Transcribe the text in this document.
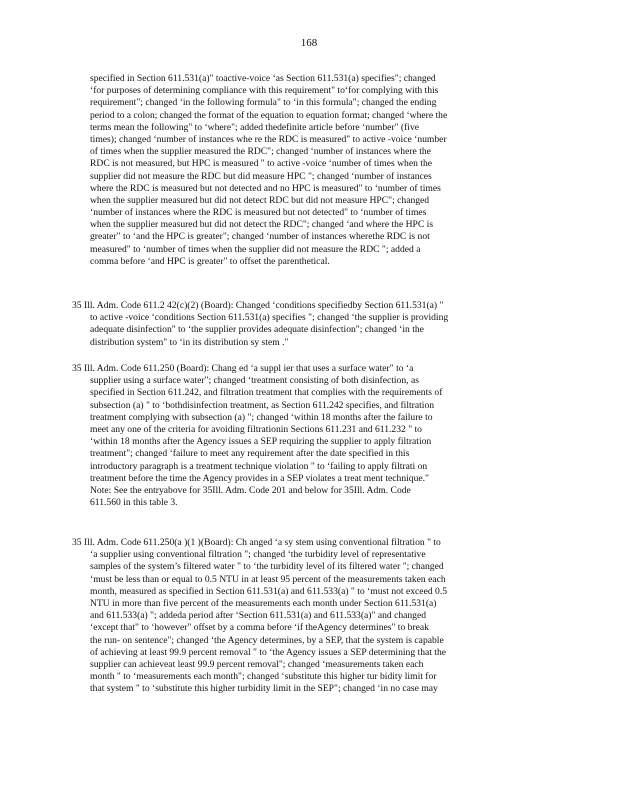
168
specified in Section 611.531(a)" toactive-voice ‘as Section 611.531(a) specifies"; changed
‘for purposes of determining compliance with this requirement" to‘for complying with this
requirement"; changed ‘in the following formula" to ‘in this formula"; changed the ending
period to a colon; changed the format of the equation to equation format; changed ‘where the
terms mean the following" to ‘where"; added thedefinite article before ‘number" (five
times); changed ‘number of instances whe re the RDC is measured" to active -voice ‘number
of times when the supplier measured the RDC"; changed ‘number of instances where the
RDC is not measured, but HPC is measured " to active -voice ‘number of times when the
supplier did not measure the RDC but did measure HPC "; changed ‘number of instances
where the RDC is measured but not detected and no HPC is measured" to ‘number of times
when the supplier measured but did not detect RDC but did not measure HPC"; changed
‘number of instances where the RDC is measured but not detected" to ‘number of times
when the supplier measured but did not detect the RDC"; changed ‘and where the HPC is
greater" to ‘and the HPC is greater"; changed ‘number of instances wherethe RDC is not
measured" to ‘number of times when the supplier did not measure the RDC "; added a
comma before ‘and HPC is greater" to offset the parenthetical.
35 Ill. Adm. Code 611.2 42(c)(2) (Board): Changed ‘conditions specifiedby Section 611.531(a) "
to active -voice ‘conditions Section 611.531(a) specifies "; changed ‘the supplier is providing
adequate disinfection" to ‘the supplier provides adequate disinfection"; changed ‘in the
distribution system" to ‘in its distribution sy stem ."
35 Ill. Adm. Code 611.250 (Board): Chang ed ‘a suppl ier that uses a surface water" to ‘a
supplier using a surface water"; changed ‘treatment consisting of both disinfection, as
specified in Section 611.242, and filtration treatment that complies with the requirements of
subsection (a) " to ‘bothdisinfection treatment, as Section 611.242 specifies, and filtration
treatment complying with subsection (a) "; changed ‘within 18 months after the failure to
meet any one of the criteria for avoiding filtrationin Sections 611.231 and 611.232 " to
‘within 18 months after the Agency issues a SEP requiring the supplier to apply filtration
treatment"; changed ‘failure to meet any requirement after the date specified in this
introductory paragraph is a treatment technique violation " to ‘failing to apply filtrati on
treatment before the time the Agency provides in a SEP violates a treat ment technique."
Note: See the entryabove for 35Ill. Adm. Code 201 and below for 35Ill. Adm. Code
611.560 in this table 3.
35 Ill. Adm. Code 611.250(a )(1 )(Board): Ch anged ‘a sy stem using conventional filtration " to
‘a supplier using conventional filtration "; changed ‘the turbidity level of representative
samples of the system’s filtered water " to ‘the turbidity level of its filtered water "; changed
‘must be less than or equal to 0.5 NTU in at least 95 percent of the measurements taken each
month, measured as specified in Section 611.531(a) and 611.533(a) " to ‘must not exceed 0.5
NTU in more than five percent of the measurements each month under Section 611.531(a)
and 611.533(a) "; addeda period after ‘Section 611.531(a) and 611.533(a)" and changed
‘except that" to ‘however" offset by a comma before ‘if theAgency determines" to break
the run- on sentence"; changed ‘the Agency determines, by a SEP, that the system is capable
of achieving at least 99.9 percent removal " to ‘the Agency issues a SEP determining that the
supplier can achieveat least 99.9 percent removal"; changed ‘measurements taken each
month " to ‘measurements each month"; changed ‘substitute this higher tur bidity limit for
that system " to ‘substitute this higher turbidity limit in the SEP"; changed ‘in no case may
